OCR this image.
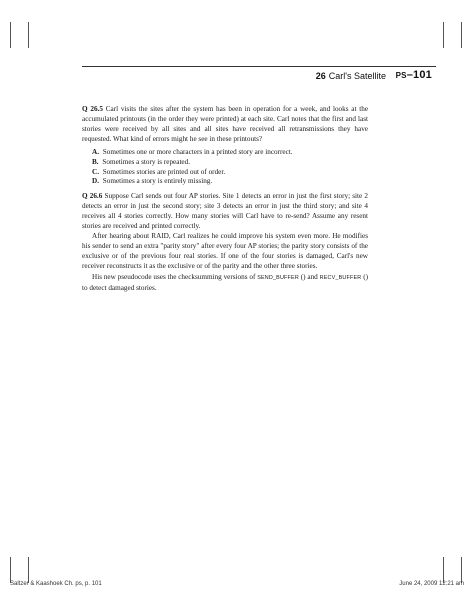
26 Carl's Satellite PS–101

Q 26.5 Carl visits the sites after the system has been in operation for a week, and looks at the accumulated printouts (in the order they were printed) at each site. Carl notes that the first and last stories were received by all sites and all sites have received all retransmissions they have requested. What kind of errors might he see in these printouts?

A. Sometimes one or more characters in a printed story are incorrect.
B. Sometimes a story is repeated.
C. Sometimes stories are printed out of order.
D. Sometimes a story is entirely missing.

Q 26.6 Suppose Carl sends out four AP stories. Site 1 detects an error in just the first story; site 2 detects an error in just the second story; site 3 detects an error in just the third story; and site 4 receives all 4 stories correctly. How many stories will Carl have to re-send? Assume any resent stories are received and printed correctly.

After hearing about RAID, Carl realizes he could improve his system even more. He modifies his sender to send an extra "parity story" after every four AP stories; the parity story consists of the exclusive or of the previous four real stories. If one of the four stories is damaged, Carl's new receiver reconstructs it as the exclusive or of the parity and the other three stories.

His new pseudocode uses the checksumming versions of SEND_BUFFER () and RECV_BUFFER () to detect damaged stories.

Saltzer & Kaashoek Ch. ps, p. 101	June 24, 2009 12:21 am
